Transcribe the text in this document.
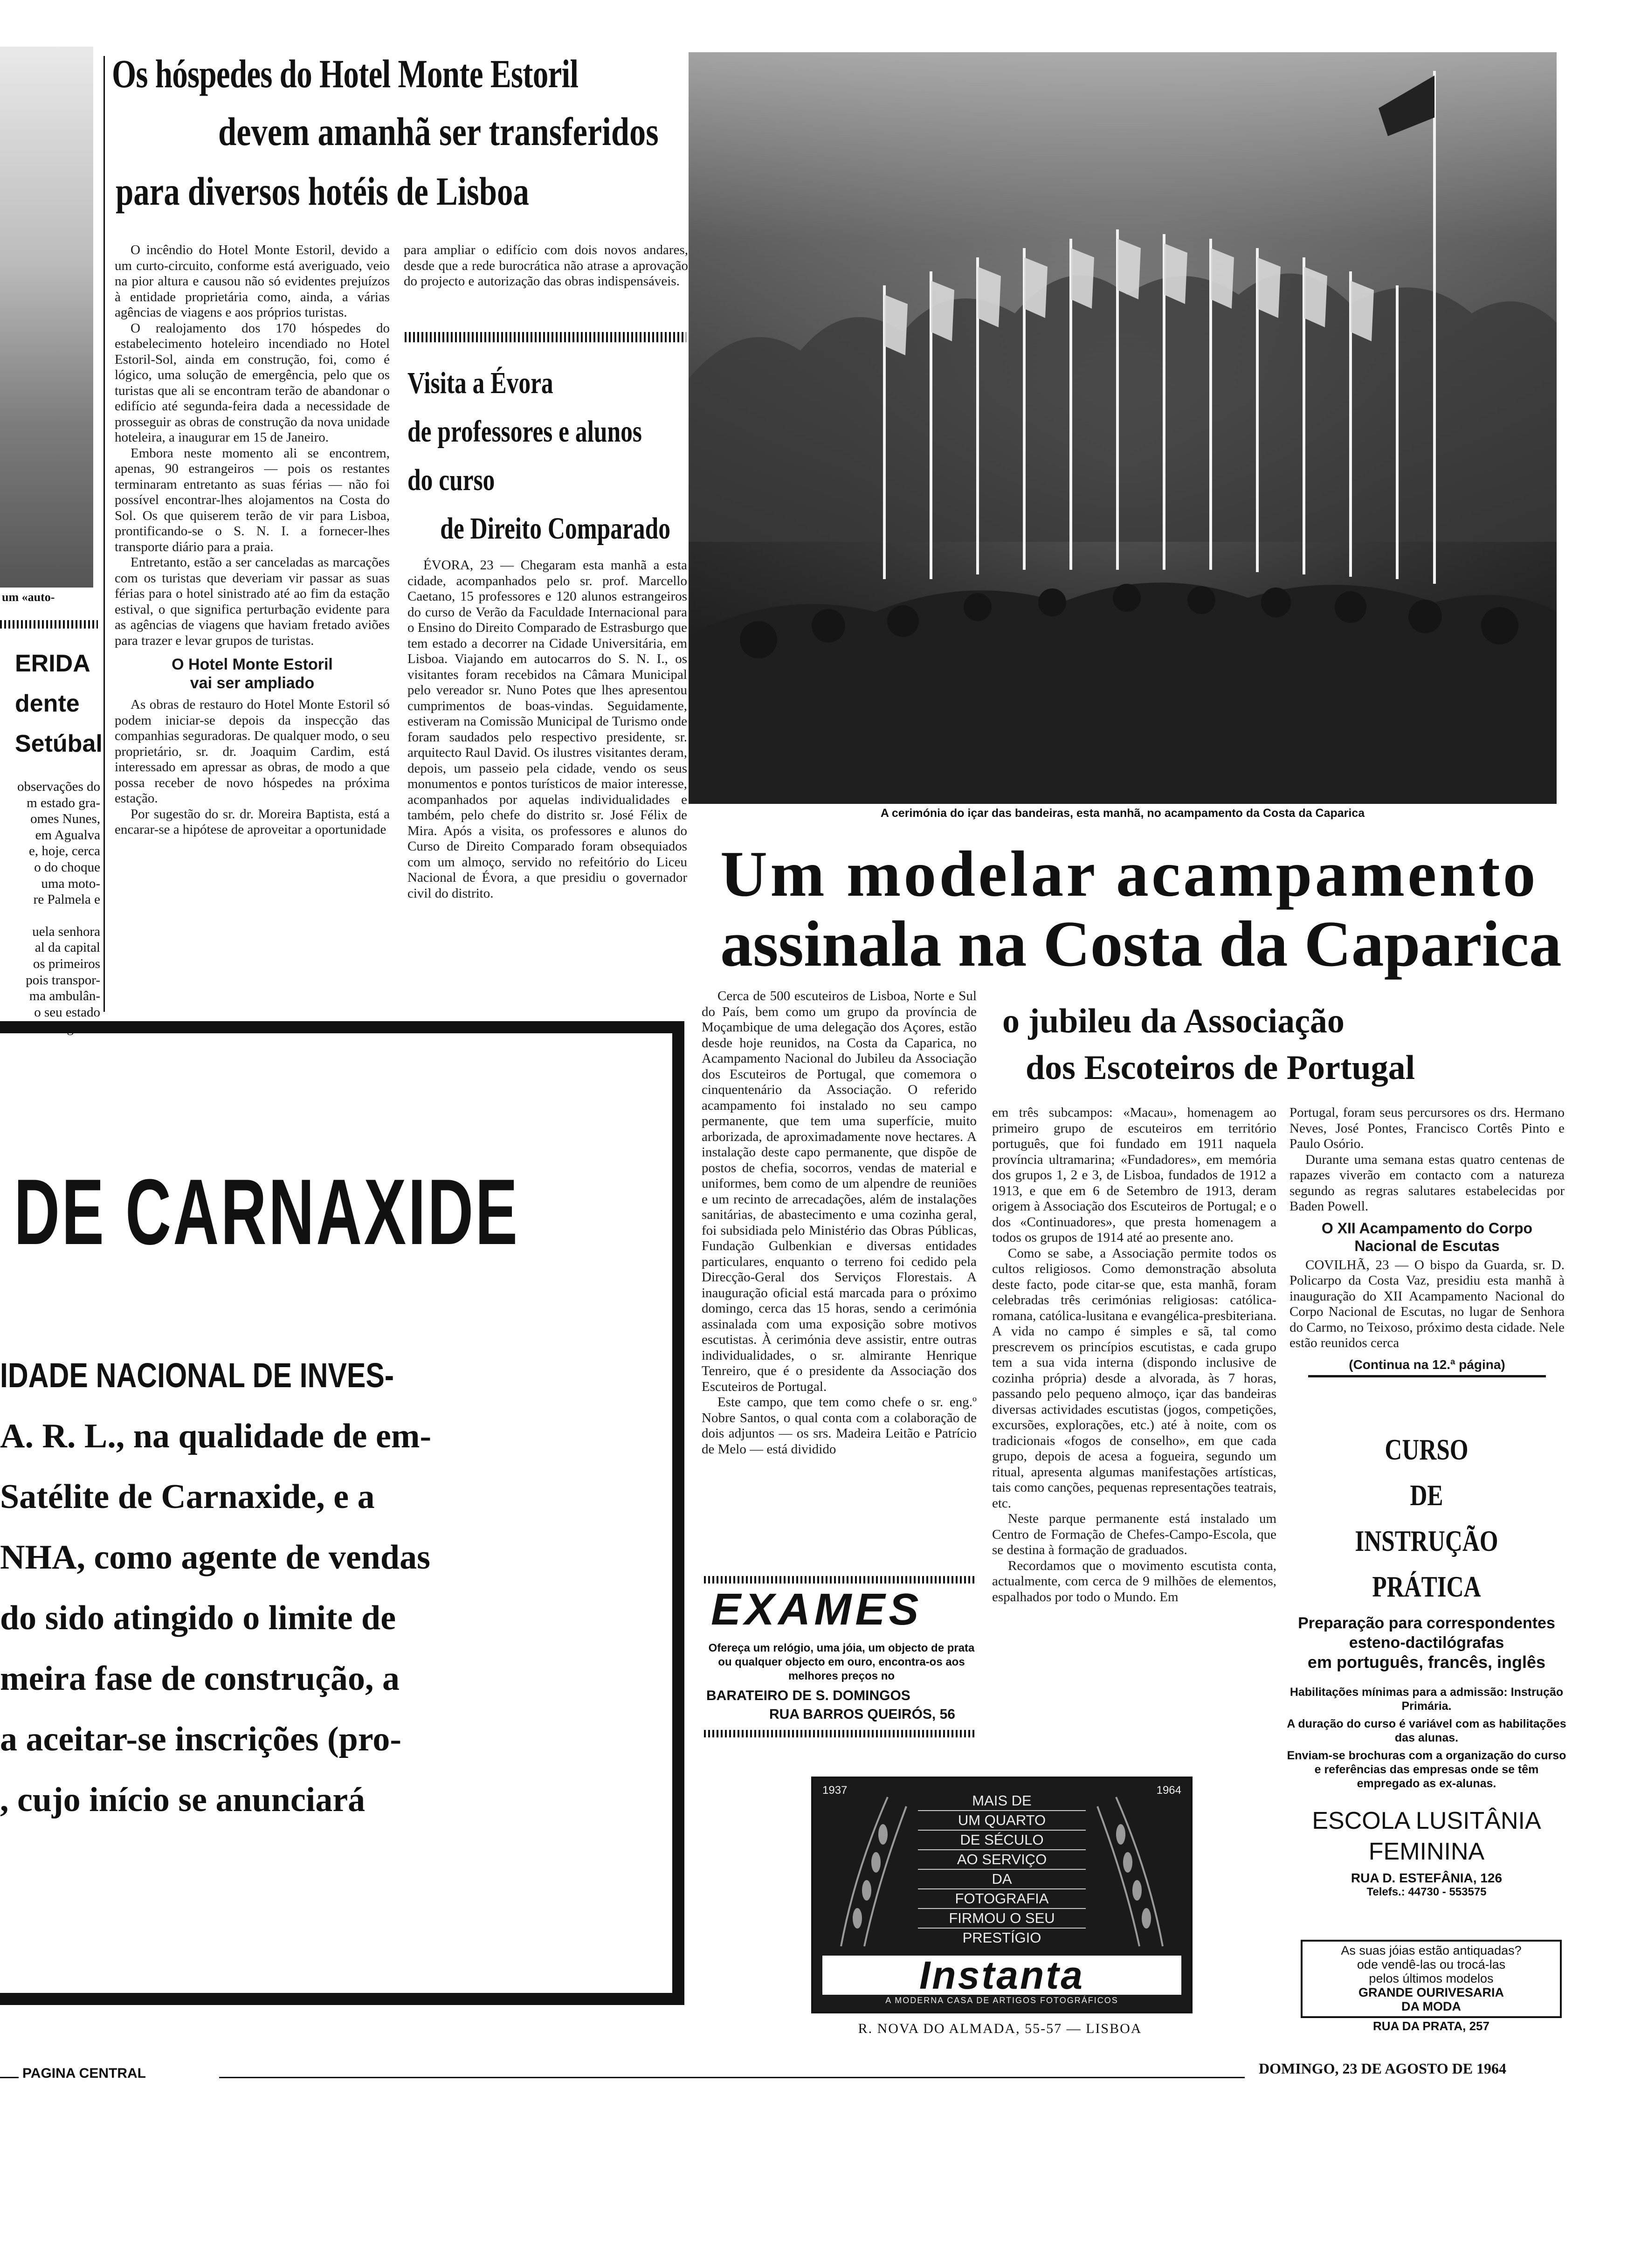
um «auto-
ERIDA
dente
Setúbal
observações do
m estado gra-
omes Nunes,
em Agualva
e, hoje, cerca
o do choque
uma moto-
re Palmela e
uela senhora
al da capital
os primeiros
pois transpor-
ma ambulân-
o seu estado
nte grave.
Os hóspedes do Hotel Monte Estoril
devem amanhã ser transferidos
para diversos hotéis de Lisboa

O incêndio do Hotel Monte Estoril, devido a um curto-circuito, conforme está averiguado, veio na pior altura e causou não só evidentes prejuízos à entidade proprietária como, ainda, a várias agências de viagens e aos próprios turistas.

O realojamento dos 170 hóspedes do estabelecimento hoteleiro incendiado no Hotel Estoril-Sol, ainda em construção, foi, como é lógico, uma solução de emergência, pelo que os turistas que ali se encontram terão de abandonar o edifício até segunda-feira dada a necessidade de prosseguir as obras de construção da nova unidade hoteleira, a inaugurar em 15 de Janeiro.

Embora neste momento ali se encontrem, apenas, 90 estrangeiros — pois os restantes terminaram entretanto as suas férias — não foi possível encontrar-lhes alojamentos na Costa do Sol. Os que quiserem terão de vir para Lisboa, prontificando-se o S. N. I. a fornecer-lhes transporte diário para a praia.

Entretanto, estão a ser canceladas as marcações com os turistas que deveriam vir passar as suas férias para o hotel sinistrado até ao fim da estação estival, o que significa perturbação evidente para as agências de viagens que haviam fretado aviões para trazer e levar grupos de turistas.

O Hotel Monte Estoril
vai ser ampliado

As obras de restauro do Hotel Monte Estoril só podem iniciar-se depois da inspecção das companhias seguradoras. De qualquer modo, o seu proprietário, sr. dr. Joaquim Cardim, está interessado em apressar as obras, de modo a que possa receber de novo hóspedes na próxima estação.

Por sugestão do sr. dr. Moreira Baptista, está a encarar-se a hipótese de aproveitar a oportunidade

para ampliar o edifício com dois novos andares, desde que a rede burocrática não atrase a aprovação do projecto e autorização das obras indispensáveis.

Visita a Évora
de professores e alunos
do curso
de Direito Comparado

ÉVORA, 23 — Chegaram esta manhã a esta cidade, acompanhados pelo sr. prof. Marcello Caetano, 15 professores e 120 alunos estrangeiros do curso de Verão da Faculdade Internacional para o Ensino do Direito Comparado de Estrasburgo que tem estado a decorrer na Cidade Universitária, em Lisboa. Viajando em autocarros do S. N. I., os visitantes foram recebidos na Câmara Municipal pelo vereador sr. Nuno Potes que lhes apresentou cumprimentos de boas-vindas. Seguidamente, estiveram na Comissão Municipal de Turismo onde foram saudados pelo respectivo presidente, sr. arquitecto Raul David. Os ilustres visitantes deram, depois, um passeio pela cidade, vendo os seus monumentos e pontos turísticos de maior interesse, acompanhados por aquelas individualidades e também, pelo chefe do distrito sr. José Félix de Mira. Após a visita, os professores e alunos do Curso de Direito Comparado foram obsequiados com um almoço, servido no refeitório do Liceu Nacional de Évora, a que presidiu o governador civil do distrito.

A cerimónia do içar das bandeiras, esta manhã, no acampamento da Costa da Caparica
Um modelar acampamento
assinala na Costa da Caparica

Cerca de 500 escuteiros de Lisboa, Norte e Sul do País, bem como um grupo da província de Moçambique de uma delegação dos Açores, estão desde hoje reunidos, na Costa da Caparica, no Acampamento Nacional do Jubileu da Associação dos Escuteiros de Portugal, que comemora o cinquentenário da Associação. O referido acampamento foi instalado no seu campo permanente, que tem uma superfície, muito arborizada, de aproximadamente nove hectares. A instalação deste capo permanente, que dispõe de postos de chefia, socorros, vendas de material e uniformes, bem como de um alpendre de reuniões e um recinto de arrecadações, além de instalações sanitárias, de abastecimento e uma cozinha geral, foi subsidiada pelo Ministério das Obras Públicas, Fundação Gulbenkian e diversas entidades particulares, enquanto o terreno foi cedido pela Direcção-Geral dos Serviços Florestais. A inauguração oficial está marcada para o próximo domingo, cerca das 15 horas, sendo a cerimónia assinalada com uma exposição sobre motivos escutistas. À cerimónia deve assistir, entre outras individualidades, o sr. almirante Henrique Tenreiro, que é o presidente da Associação dos Escuteiros de Portugal.

Este campo, que tem como chefe o sr. eng.º Nobre Santos, o qual conta com a colaboração de dois adjuntos — os srs. Madeira Leitão e Patrício de Melo — está dividido

o jubileu da Associação
dos Escoteiros de Portugal

em três subcampos: «Macau», homenagem ao primeiro grupo de escuteiros em território português, que foi fundado em 1911 naquela província ultramarina; «Fundadores», em memória dos grupos 1, 2 e 3, de Lisboa, fundados de 1912 a 1913, e que em 6 de Setembro de 1913, deram origem à Associação dos Escuteiros de Portugal; e o dos «Continuadores», que presta homenagem a todos os grupos de 1914 até ao presente ano.

Como se sabe, a Associação permite todos os cultos religiosos. Como demonstração absoluta deste facto, pode citar-se que, esta manhã, foram celebradas três cerimónias religiosas: católica-romana, católica-lusitana e evangélica-presbiteriana. A vida no campo é simples e sã, tal como prescrevem os princípios escutistas, e cada grupo tem a sua vida interna (dispondo inclusive de cozinha própria) desde a alvorada, às 7 horas, passando pelo pequeno almoço, içar das bandeiras diversas actividades escutistas (jogos, competições, excursões, explorações, etc.) até à noite, com os tradicionais «fogos de conselho», em que cada grupo, depois de acesa a fogueira, segundo um ritual, apresenta algumas manifestações artísticas, tais como canções, pequenas representações teatrais, etc.

Neste parque permanente está instalado um Centro de Formação de Chefes-Campo-Escola, que se destina à formação de graduados.

Recordamos que o movimento escutista conta, actualmente, com cerca de 9 milhões de elementos, espalhados por todo o Mundo. Em

Portugal, foram seus percursores os drs. Hermano Neves, José Pontes, Francisco Cortês Pinto e Paulo Osório.

Durante uma semana estas quatro centenas de rapazes viverão em contacto com a natureza segundo as regras salutares estabelecidas por Baden Powell.

O XII Acampamento do Corpo
Nacional de Escutas

COVILHÃ, 23 — O bispo da Guarda, sr. D. Policarpo da Costa Vaz, presidiu esta manhã à inauguração do XII Acampamento Nacional do Corpo Nacional de Escutas, no lugar de Senhora do Carmo, no Teixoso, próximo desta cidade. Nele estão reunidos cerca

(Continua na 12.ª página)
EXAMES
Ofereça um relógio, uma jóia, um objecto de prata ou qualquer objecto em ouro, encontra-os aos melhores preços no
BARATEIRO DE S. DOMINGOS
RUA BARROS QUEIRÓS, 56
1937	1964
MAIS DE
UM QUARTO
DE SÉCULO
AO SERVIÇO
DA
FOTOGRAFIA
FIRMOU O SEU
PRESTÍGIO
Instanta
A MODERNA CASA DE ARTIGOS FOTOGRÁFICOS
R. NOVA DO ALMADA, 55-57 — LISBOA
CURSO
DE
INSTRUÇÃO PRÁTICA
Preparação para correspondentes esteno-dactilógrafas
em português, francês, inglês
Habilitações mínimas para a admissão: Instrução Primária.
A duração do curso é variável com as habilitações das alunas.
Enviam-se brochuras com a organização do curso e referências das empresas onde se têm empregado as ex-alunas.
ESCOLA LUSITÂNIA
FEMININA
RUA D. ESTEFÂNIA, 126
Telefs.: 44730 - 553575
As suas jóias estão antiquadas?
ode vendê-las ou trocá-las
pelos últimos modelos
GRANDE OURIVESARIA
DA MODA
RUA DA PRATA, 257
DE CARNAXIDE
IDADE NACIONAL DE INVES-
A. R. L., na qualidade de em-
Satélite de Carnaxide, e a
NHA, como agente de vendas
do sido atingido o limite de
meira fase de construção, a
a aceitar-se inscrições (pro-
, cujo início se anunciará
PAGINA CENTRAL	DOMINGO, 23 DE AGOSTO DE 1964
